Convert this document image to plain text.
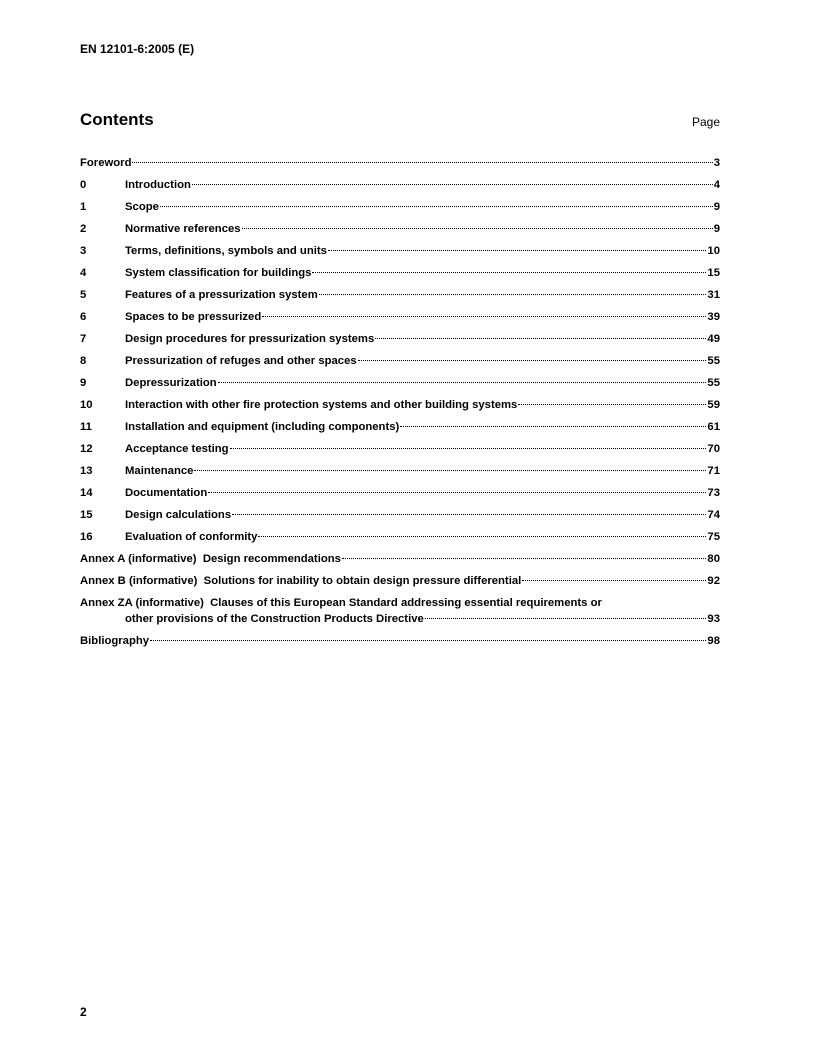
EN 12101-6:2005 (E)
Contents	Page
Foreword	3
0	Introduction	4
1	Scope	9
2	Normative references	9
3	Terms, definitions, symbols and units	10
4	System classification for buildings	15
5	Features of a pressurization system	31
6	Spaces to be pressurized	39
7	Design procedures for pressurization systems	49
8	Pressurization of refuges and other spaces	55
9	Depressurization	55
10	Interaction with other fire protection systems and other building systems	59
11	Installation and equipment (including components)	61
12	Acceptance testing	70
13	Maintenance	71
14	Documentation	73
15	Design calculations	74
16	Evaluation of conformity	75
Annex A (informative)  Design recommendations	80
Annex B (informative)  Solutions for inability to obtain design pressure differential	92
Annex ZA (informative)  Clauses of this European Standard addressing essential requirements or
other provisions of the Construction Products Directive	93
Bibliography	98
2
